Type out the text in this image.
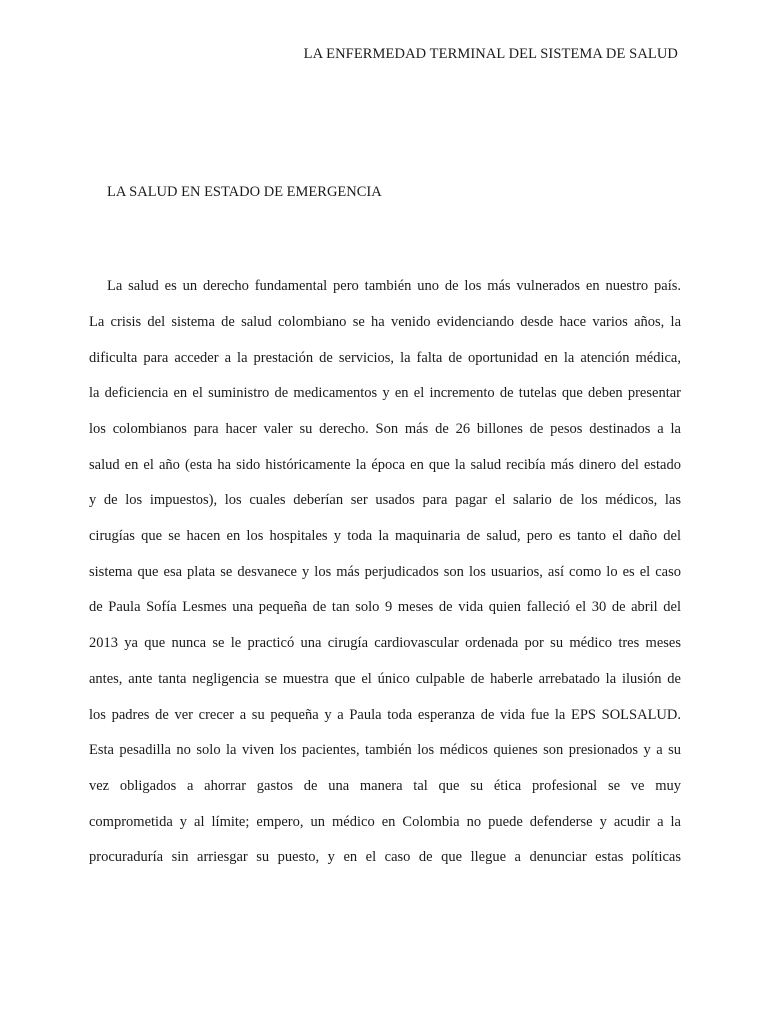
LA ENFERMEDAD TERMINAL DEL SISTEMA DE SALUD
LA SALUD EN ESTADO DE EMERGENCIA
La salud es un derecho fundamental pero también uno de los más vulnerados en nuestro país.
La crisis del sistema de salud colombiano se ha venido evidenciando desde hace varios años, la
dificulta para acceder a la prestación de servicios, la falta de oportunidad en la atención médica,
la deficiencia en el suministro de medicamentos y en el incremento de tutelas que deben presentar
los colombianos para hacer valer su derecho. Son más de 26 billones de pesos destinados a la
salud en el año (esta ha sido históricamente la época en que la salud recibía más dinero del estado
y de los impuestos), los cuales deberían ser usados para pagar el salario de los médicos, las
cirugías que se hacen en los hospitales y toda la maquinaria de salud, pero es tanto el daño del
sistema que esa plata se desvanece y los más perjudicados son los usuarios, así como lo es el caso
de Paula Sofía Lesmes una pequeña de tan solo 9 meses de vida quien falleció el 30 de abril del
2013 ya que nunca se le practicó una cirugía cardiovascular ordenada por su médico tres meses
antes, ante tanta negligencia se muestra que el único culpable de haberle arrebatado la ilusión de
los padres de ver crecer a su pequeña y a Paula toda esperanza de vida fue la EPS SOLSALUD.
Esta pesadilla no solo la viven los pacientes, también los médicos quienes son presionados y a su
vez obligados a ahorrar gastos de una manera tal que su ética profesional se ve muy
comprometida y al límite; empero, un médico en Colombia no puede defenderse y acudir a la
procuraduría sin arriesgar su puesto, y en el caso de que llegue a denunciar estas políticas
